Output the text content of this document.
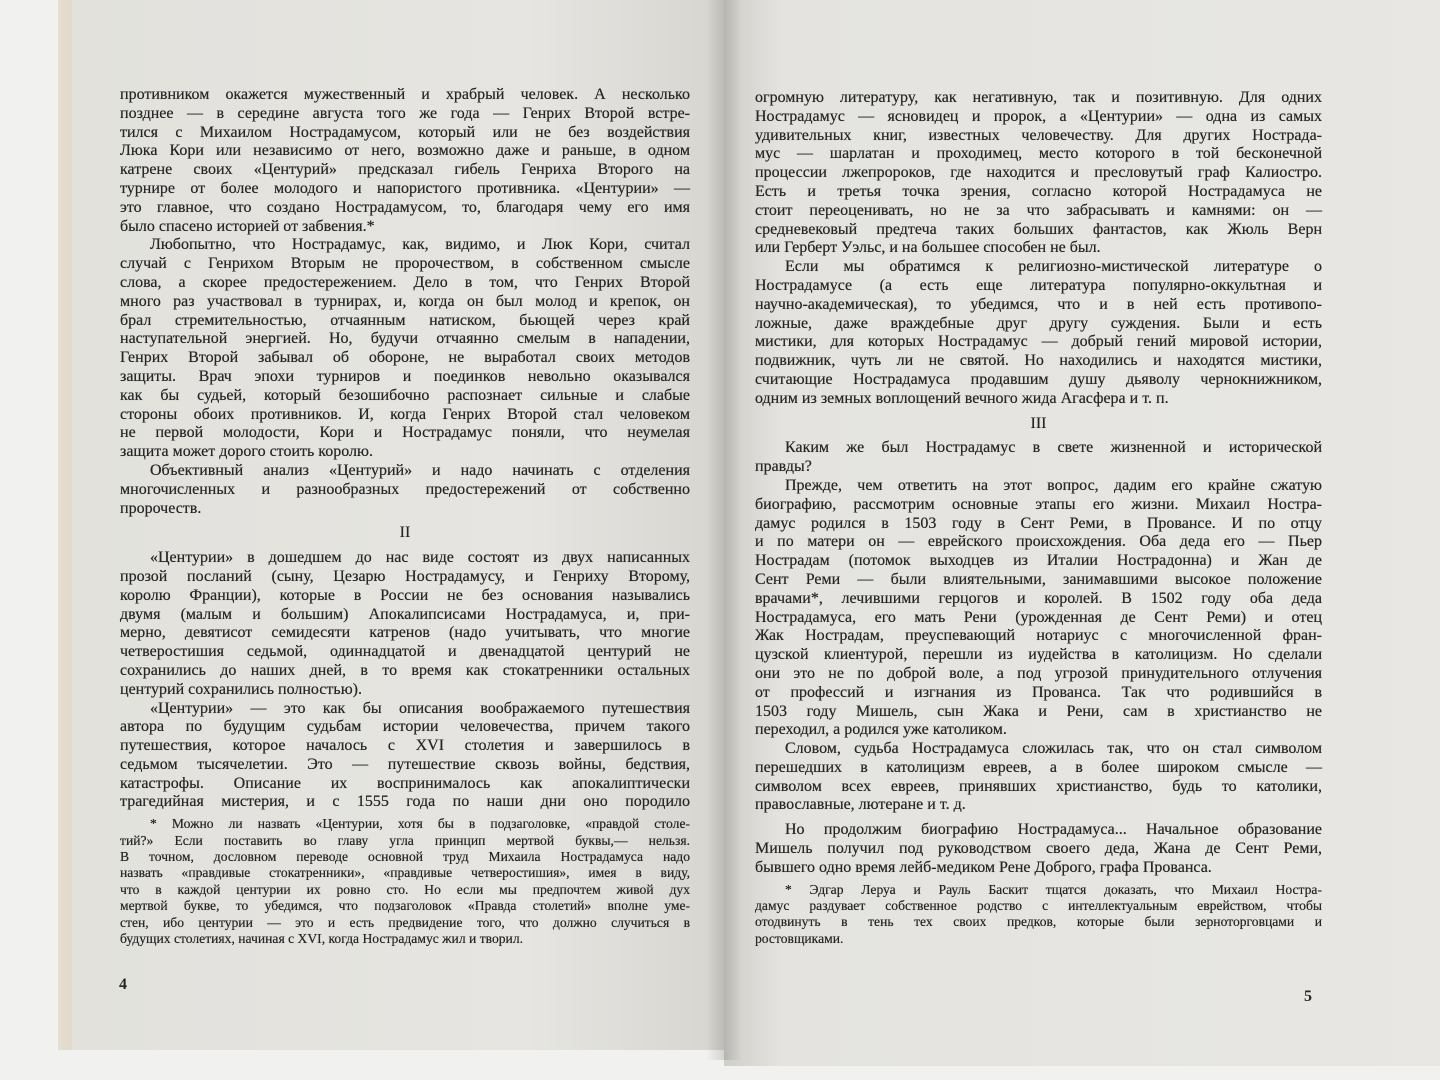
противником окажется мужественный и храбрый человек. А несколько
позднее — в середине августа того же года — Генрих Второй встре-
тился с Михаилом Нострадамусом, который или не без воздействия
Люка Кори или независимо от него, возможно даже и раньше, в одном
катрене своих «Центурий» предсказал гибель Генриха Второго на
турнире от более молодого и напористого противника. «Центурии» —
это главное, что создано Нострадамусом, то, благодаря чему его имя
было спасено историей от забвения.*
Любопытно, что Нострадамус, как, видимо, и Люк Кори, считал
случай с Генрихом Вторым не пророчеством, в собственном смысле
слова, а скорее предостережением. Дело в том, что Генрих Второй
много раз участвовал в турнирах, и, когда он был молод и крепок, он
брал стремительностью, отчаянным натиском, бьющей через край
наступательной энергией. Но, будучи отчаянно смелым в нападении,
Генрих Второй забывал об обороне, не выработал своих методов
защиты. Врач эпохи турниров и поединков невольно оказывался
как бы судьей, который безошибочно распознает сильные и слабые
стороны обоих противников. И, когда Генрих Второй стал человеком
не первой молодости, Кори и Нострадамус поняли, что неумелая
защита может дорого стоить королю.
Объективный анализ «Центурий» и надо начинать с отделения
многочисленных и разнообразных предостережений от собственно
пророчеств.
II
«Центурии» в дошедшем до нас виде состоят из двух написанных
прозой посланий (сыну, Цезарю Нострадамусу, и Генриху Второму,
королю Франции), которые в России не без основания назывались
двумя (малым и большим) Апокалипсисами Нострадамуса, и, при-
мерно, девятисот семидесяти катренов (надо учитывать, что многие
четверостишия седьмой, одиннадцатой и двенадцатой центурий не
сохранились до наших дней, в то время как стокатренники остальных
центурий сохранились полностью).
«Центурии» — это как бы описания воображаемого путешествия
автора по будущим судьбам истории человечества, причем такого
путешествия, которое началось с XVI столетия и завершилось в
седьмом тысячелетии. Это — путешествие сквозь войны, бедствия,
катастрофы. Описание их воспринималось как апокалиптически
трагедийная мистерия, и с 1555 года по наши дни оно породило
* Можно ли назвать «Центурии, хотя бы в подзаголовке, «правдой столе-
тий?» Если поставить во главу угла принцип мертвой буквы,— нельзя.
В точном, дословном переводе основной труд Михаила Нострадамуса надо
назвать «правдивые стокатренники», «правдивые четверостишия», имея в виду,
что в каждой центурии их ровно сто. Но если мы предпочтем живой дух
мертвой букве, то убедимся, что подзаголовок «Правда столетий» вполне уме-
стен, ибо центурии — это и есть предвидение того, что должно случиться в
будущих столетиях, начиная с XVI, когда Нострадамус жил и творил.
огромную литературу, как негативную, так и позитивную. Для одних
Нострадамус — ясновидец и пророк, а «Центурии» — одна из самых
удивительных книг, известных человечеству. Для других Нострада-
мус — шарлатан и проходимец, место которого в той бесконечной
процессии лжепророков, где находится и пресловутый граф Калиостро.
Есть и третья точка зрения, согласно которой Нострадамуса не
стоит переоценивать, но не за что забрасывать и камнями: он —
средневековый предтеча таких больших фантастов, как Жюль Верн
или Герберт Уэльс, и на большее способен не был.
Если мы обратимся к религиозно-мистической литературе о
Нострадамусе (а есть еще литература популярно-оккультная и
научно-академическая), то убедимся, что и в ней есть противопо-
ложные, даже враждебные друг другу суждения. Были и есть
мистики, для которых Нострадамус — добрый гений мировой истории,
подвижник, чуть ли не святой. Но находились и находятся мистики,
считающие Нострадамуса продавшим душу дьяволу чернокнижником,
одним из земных воплощений вечного жида Агасфера и т. п.
III
Каким же был Нострадамус в свете жизненной и исторической
правды?
Прежде, чем ответить на этот вопрос, дадим его крайне сжатую
биографию, рассмотрим основные этапы его жизни. Михаил Ностра-
дамус родился в 1503 году в Сент Реми, в Провансе. И по отцу
и по матери он — еврейского происхождения. Оба деда его — Пьер
Нострадам (потомок выходцев из Италии Нострадонна) и Жан де
Сент Реми — были влиятельными, занимавшими высокое положение
врачами*, лечившими герцогов и королей. В 1502 году оба деда
Нострадамуса, его мать Рени (урожденная де Сент Реми) и отец
Жак Нострадам, преуспевающий нотариус с многочисленной фран-
цузской клиентурой, перешли из иудейства в католицизм. Но сделали
они это не по доброй воле, а под угрозой принудительного отлучения
от профессий и изгнания из Прованса. Так что родившийся в
1503 году Мишель, сын Жака и Рени, сам в христианство не
переходил, а родился уже католиком.
Словом, судьба Нострадамуса сложилась так, что он стал символом
перешедших в католицизм евреев, а в более широком смысле —
символом всех евреев, принявших христианство, будь то католики,
православные, лютеране и т. д.
Но продолжим биографию Нострадамуса... Начальное образование
Мишель получил под руководством своего деда, Жана де Сент Реми,
бывшего одно время лейб-медиком Рене Доброго, графа Прованса.
* Эдгар Леруа и Рауль Баскит тщатся доказать, что Михаил Ностра-
дамус раздувает собственное родство с интеллектуальным еврейством, чтобы
отодвинуть в тень тех своих предков, которые были зерноторговцами и
ростовщиками.
4
5
